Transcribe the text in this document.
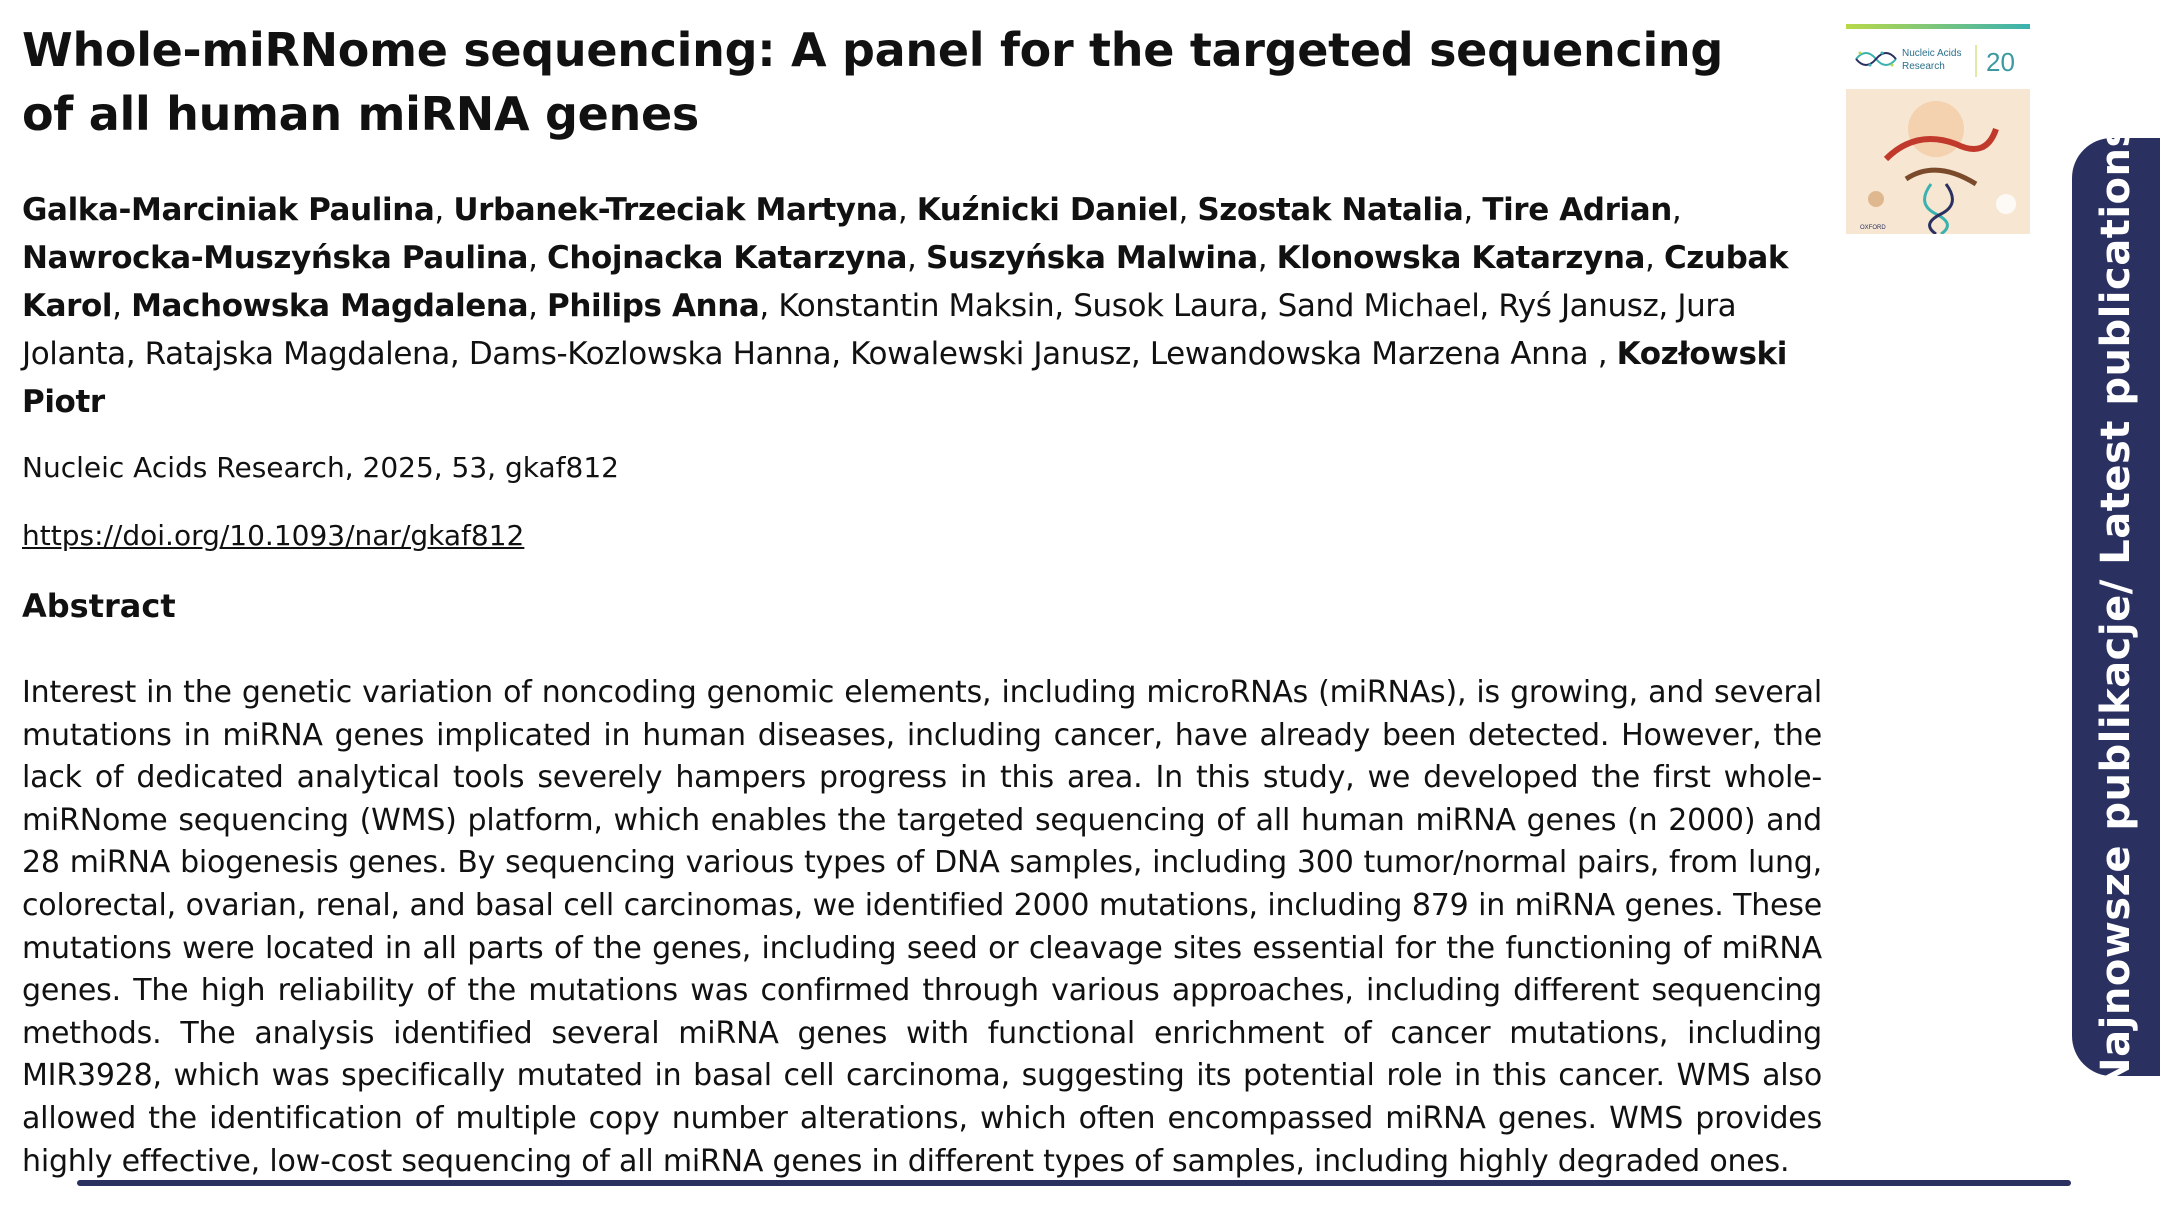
Whole-miRNome sequencing: A panel for the targeted sequencing of all human miRNA genes
Galka-Marciniak Paulina, Urbanek-Trzeciak Martyna, Kuźnicki Daniel, Szostak Natalia, Tire Adrian, Nawrocka-Muszyńska Paulina, Chojnacka Katarzyna, Suszyńska Malwina, Klonowska Katarzyna, Czubak Karol, Machowska Magdalena, Philips Anna, Konstantin Maksin, Susok Laura, Sand Michael, Ryś Janusz, Jura Jolanta, Ratajska Magdalena, Dams-Kozlowska Hanna, Kowalewski Janusz, Lewandowska Marzena Anna , Kozłowski Piotr
Nucleic Acids Research, 2025, 53, gkaf812
https://doi.org/10.1093/nar/gkaf812
Abstract
Interest in the genetic variation of noncoding genomic elements, including microRNAs (miRNAs), is growing, and several mutations in miRNA genes implicated in human diseases, including cancer, have already been detected. However, the lack of dedicated analytical tools severely hampers progress in this area. In this study, we developed the first whole-miRNome sequencing (WMS) platform, which enables the targeted sequencing of all human miRNA genes (n 2000) and 28 miRNA biogenesis genes. By sequencing various types of DNA samples, including 300 tumor/normal pairs, from lung, colorectal, ovarian, renal, and basal cell carcinomas, we identified 2000 mutations, including 879 in miRNA genes. These mutations were located in all parts of the genes, including seed or cleavage sites essential for the functioning of miRNA genes. The high reliability of the mutations was confirmed through various approaches, including different sequencing methods. The analysis identified several miRNA genes with functional enrichment of cancer mutations, including MIR3928, which was specifically mutated in basal cell carcinoma, suggesting its potential role in this cancer. WMS also allowed the identification of multiple copy number alterations, which often encompassed miRNA genes. WMS provides highly effective, low-cost sequencing of all miRNA genes in different types of samples, including highly degraded ones.
Nucleic Acids
Research 20
OXFORD	Najnowsze publikacje/ Latest publications
